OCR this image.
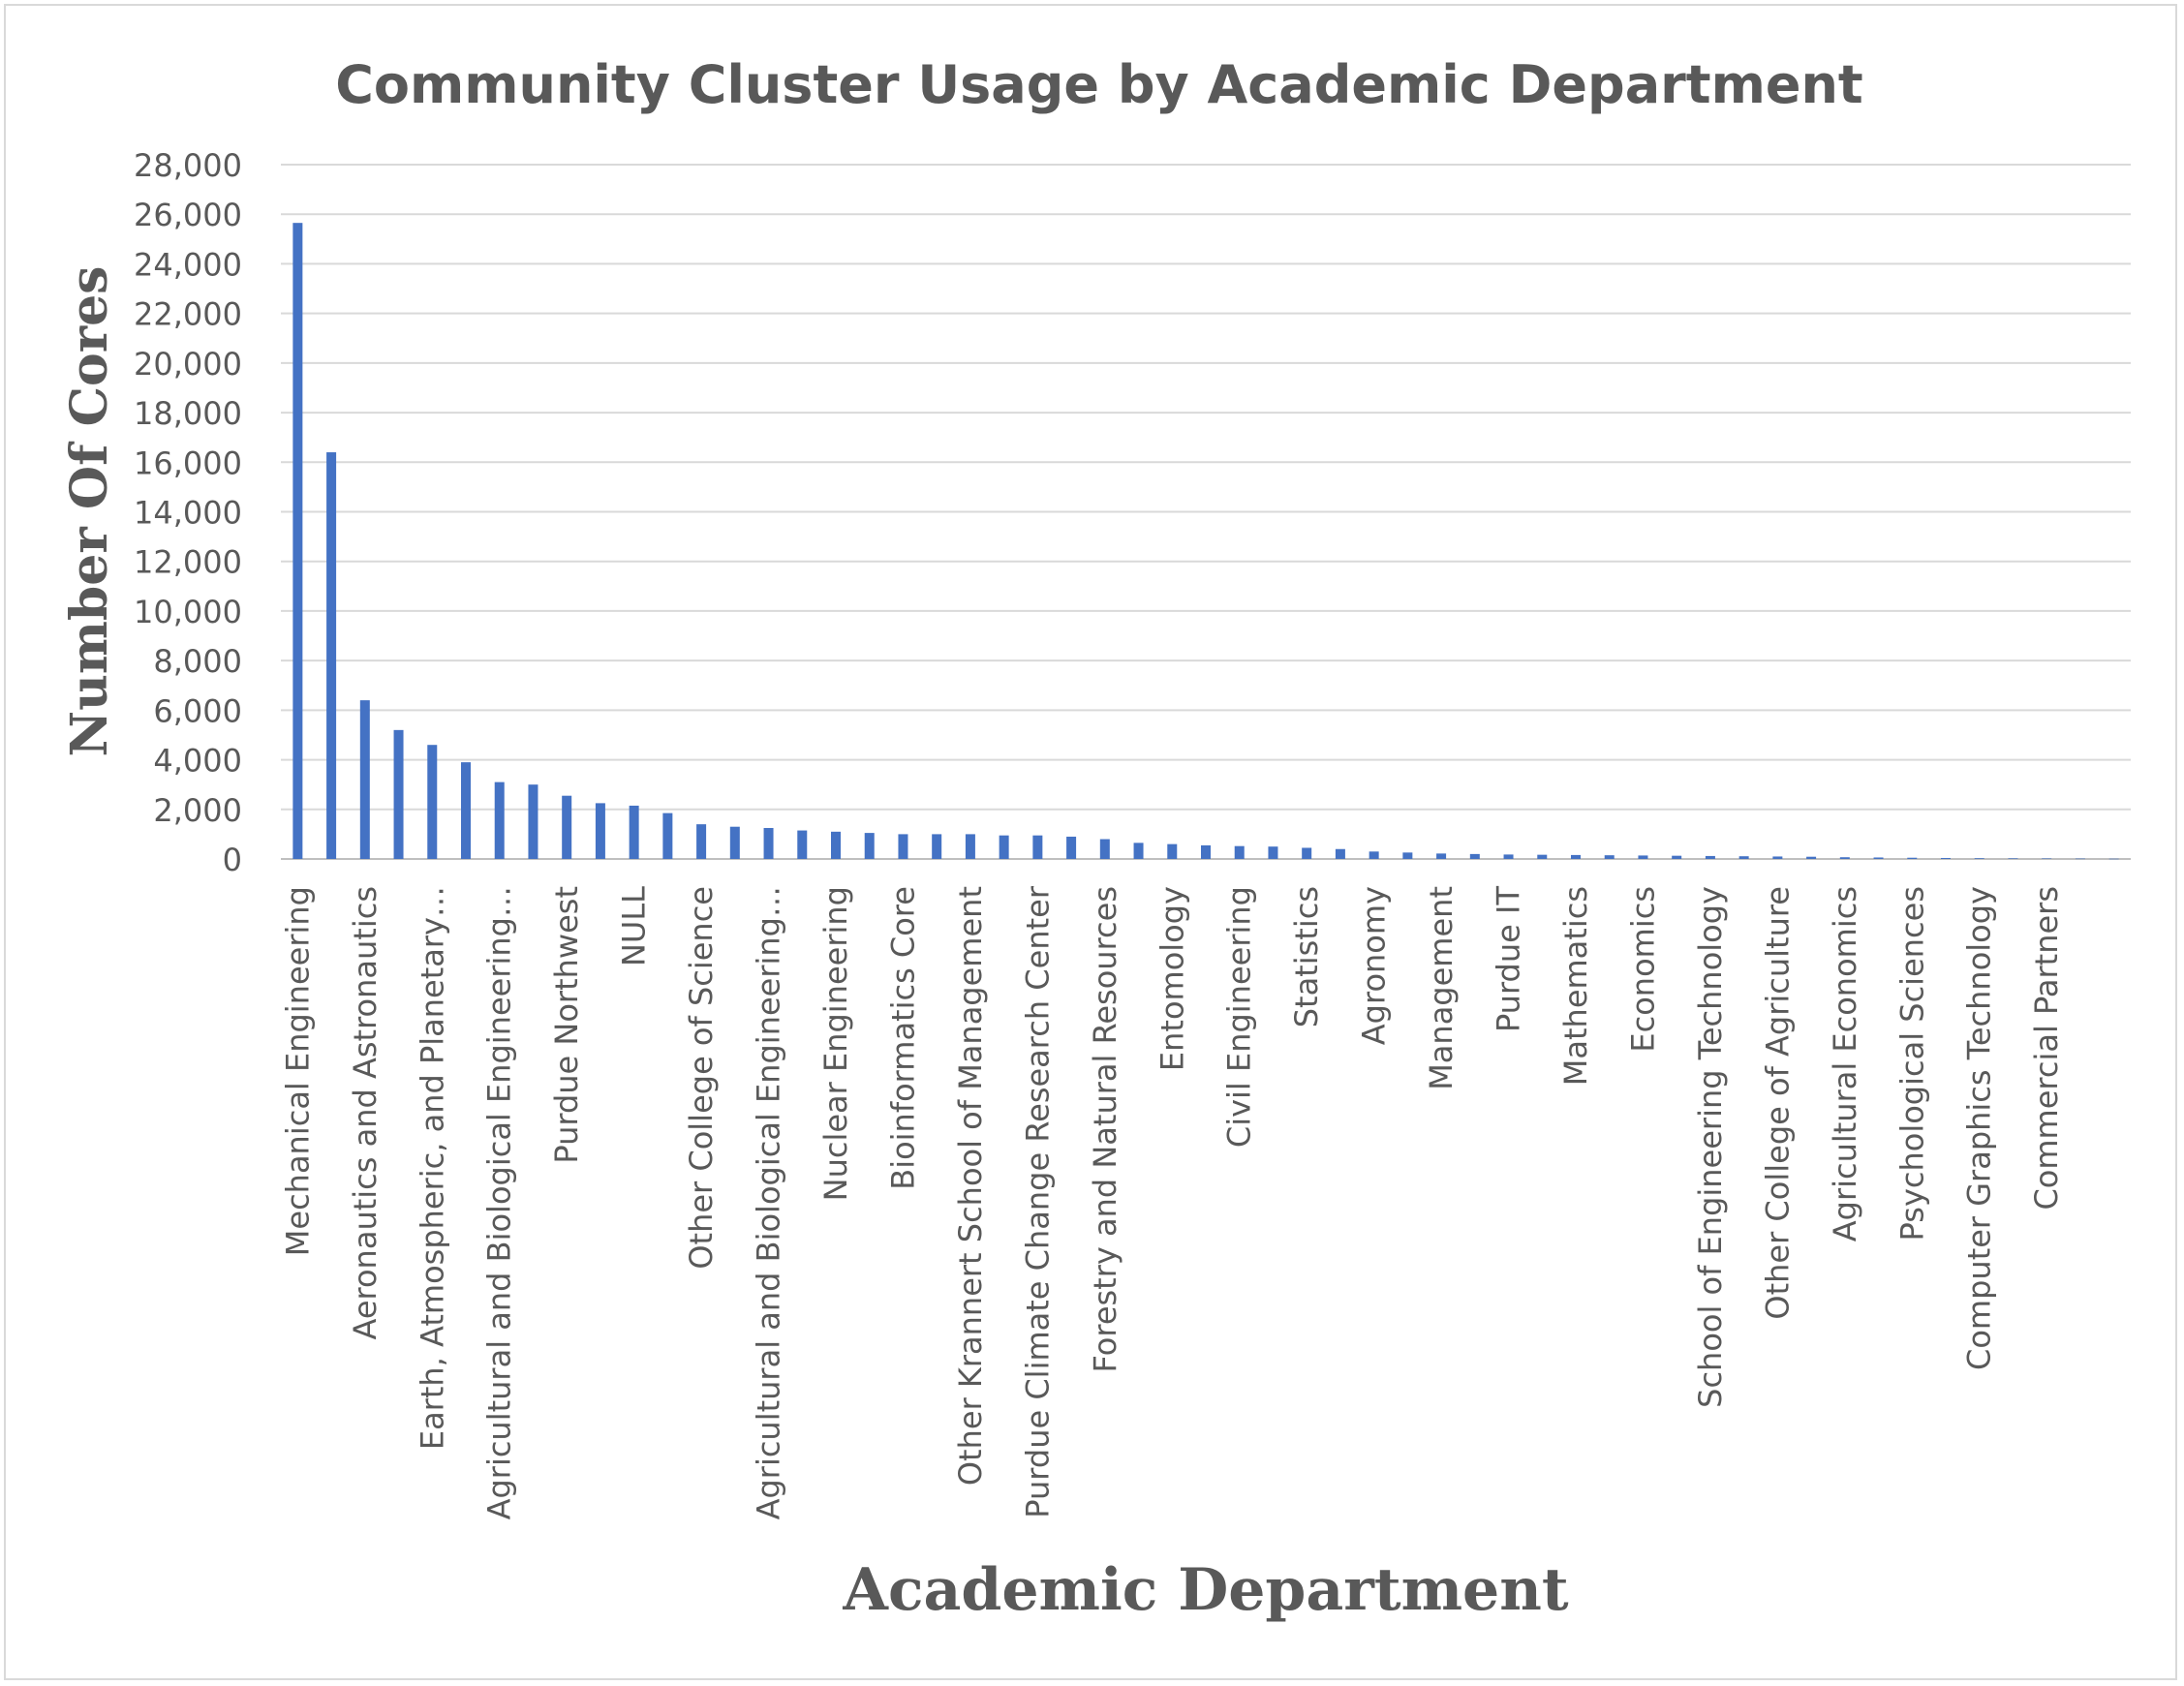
Community Cluster Usage by Academic Department
0
2,000
4,000
6,000
8,000
10,000
12,000
14,000
16,000
18,000
20,000
22,000
24,000
26,000
28,000
Mechanical Engineering Aeronautics and Astronautics Earth, Atmospheric, and Planetary… Agricultural and Biological Engineering… Purdue Northwest NULL Other College of Science Agricultural and Biological Engineering… Nuclear Engineering Bioinformatics Core Other Krannert School of Management Purdue Climate Change Research Center Forestry and Natural Resources Entomology Civil Engineering Statistics Agronomy Management Purdue IT Mathematics Economics School of Engineering Technology Other College of Agriculture Agricultural Economics Psychological Sciences Computer Graphics Technology Commercial Partners
Number Of Cores
Academic Department
